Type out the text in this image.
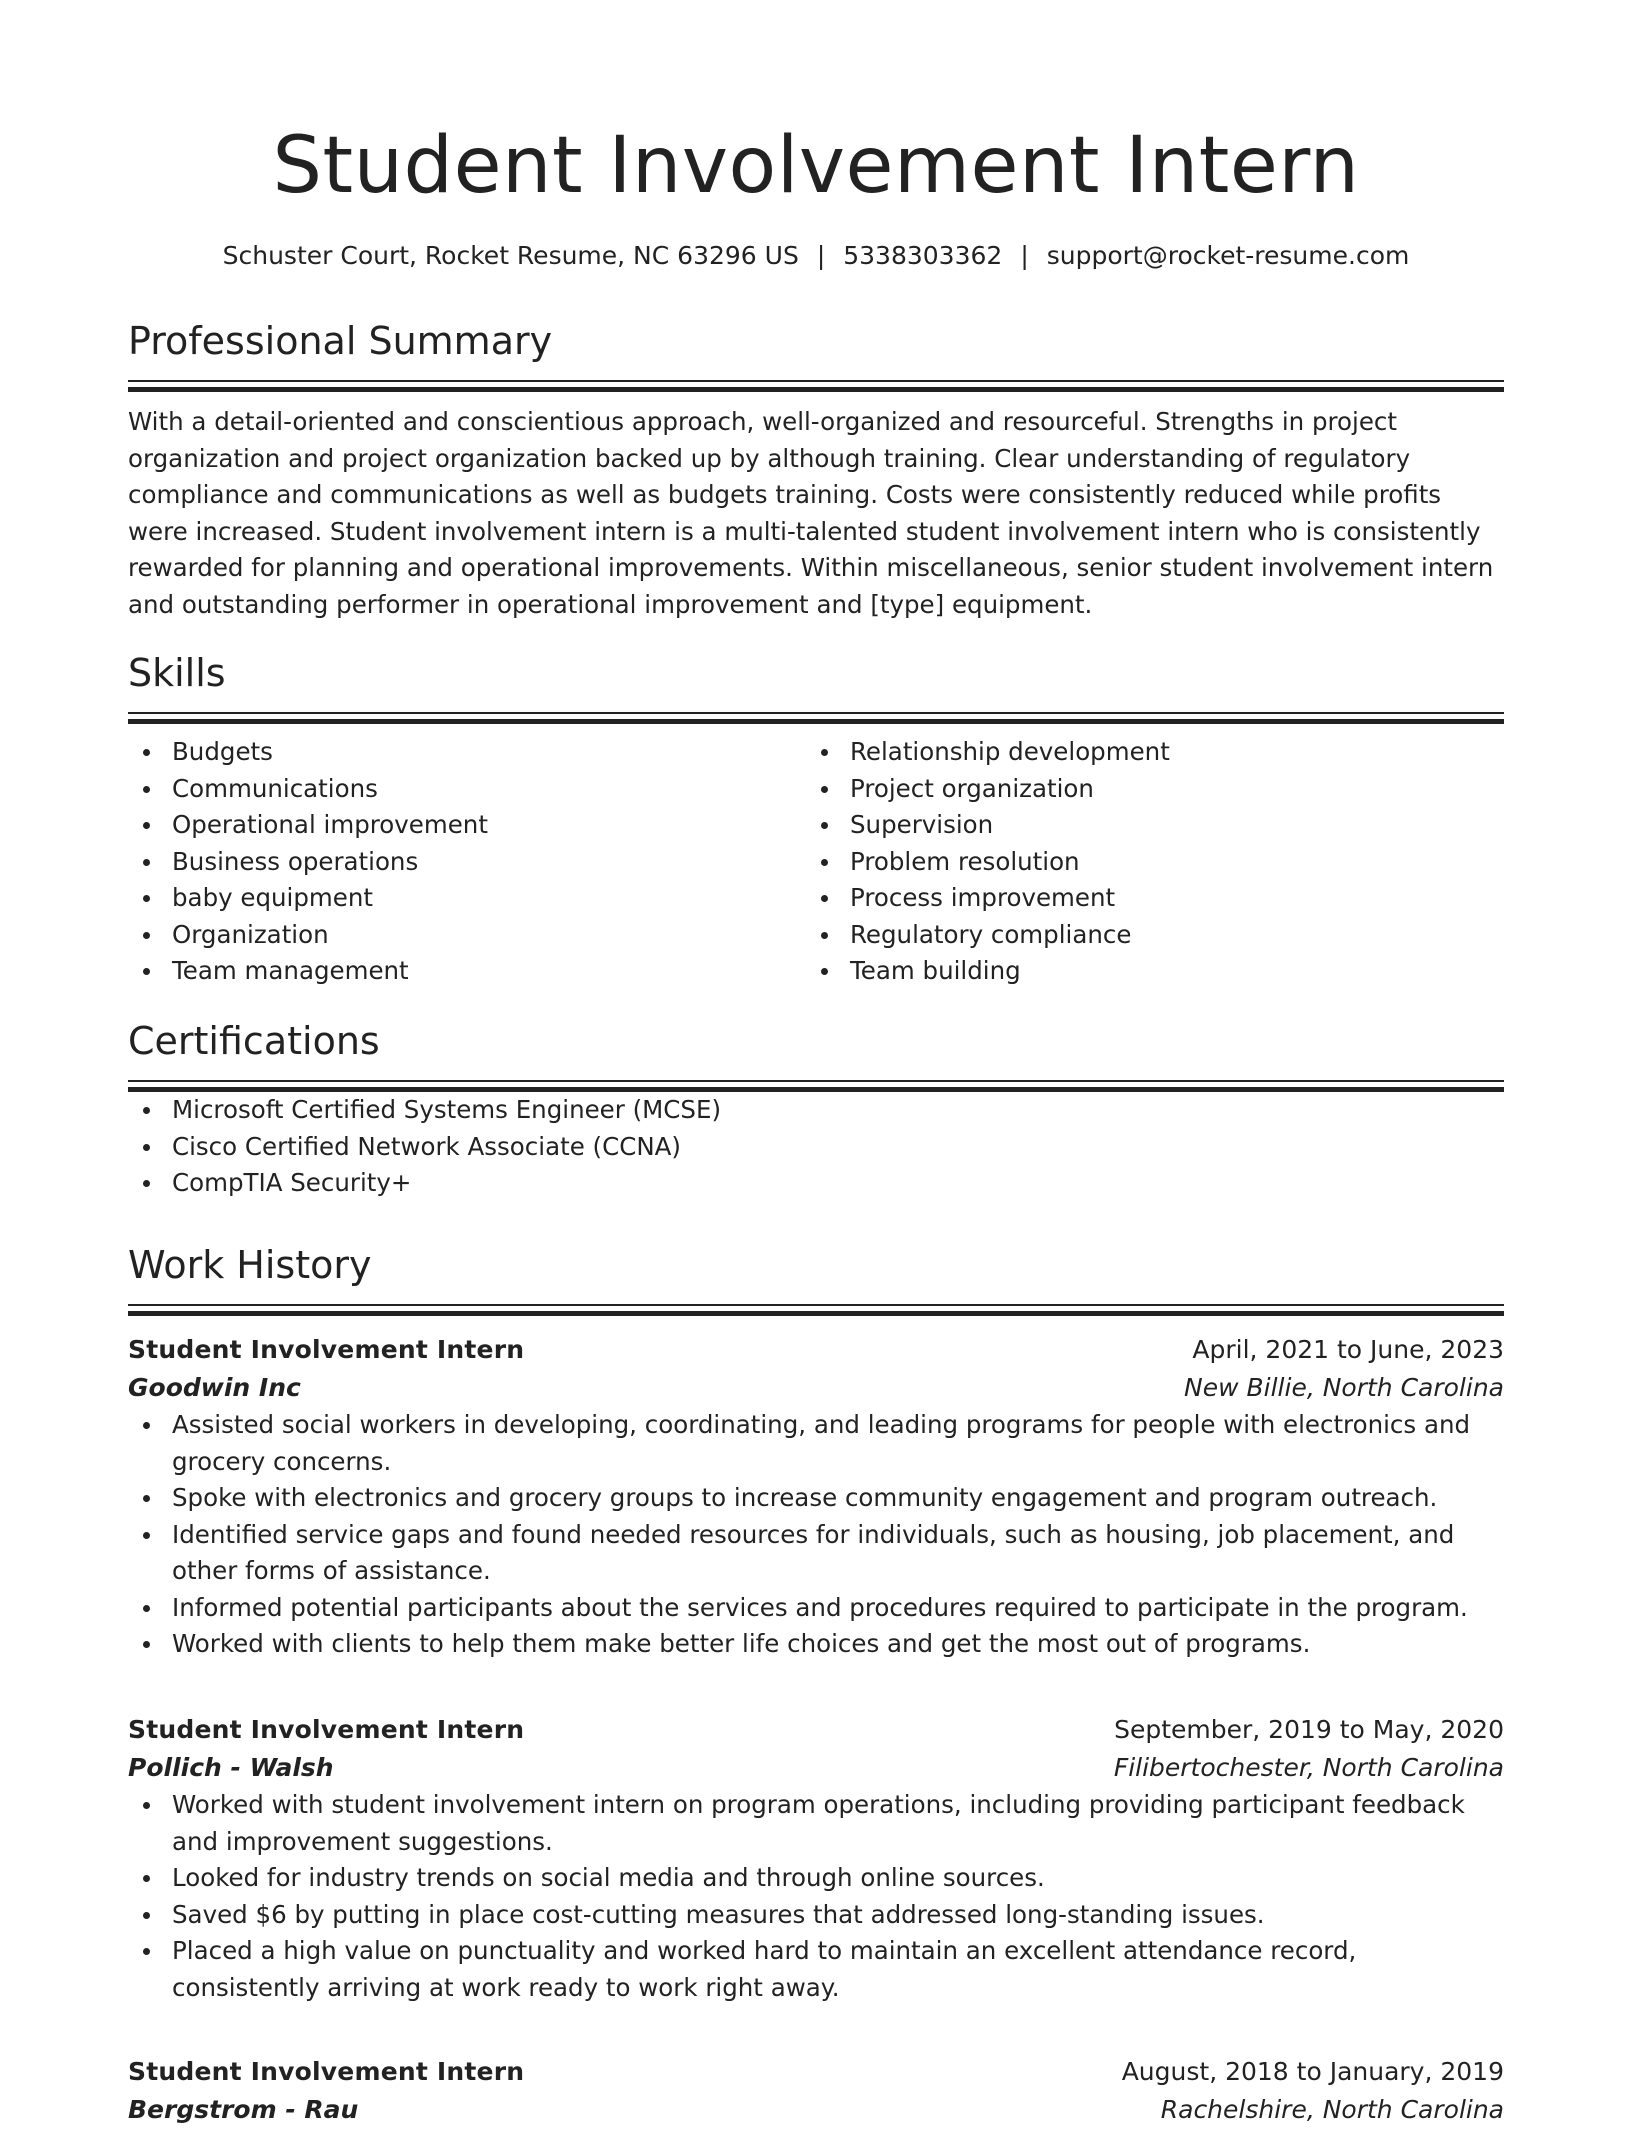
Student Involvement Intern
Schuster Court, Rocket Resume, NC 63296 US | 5338303362 | support@rocket-resume.com
Professional Summary
With a detail-oriented and conscientious approach, well-organized and resourceful. Strengths in project organization and project organization backed up by although training. Clear understanding of regulatory compliance and communications as well as budgets training. Costs were consistently reduced while profits were increased. Student involvement intern is a multi-talented student involvement intern who is consistently rewarded for planning and operational improvements. Within miscellaneous, senior student involvement intern and outstanding performer in operational improvement and [type] equipment.
Skills
Budgets
Communications
Operational improvement
Business operations
baby equipment
Organization
Team management
Relationship development
Project organization
Supervision
Problem resolution
Process improvement
Regulatory compliance
Team building
Certifications
Microsoft Certified Systems Engineer (MCSE)
Cisco Certified Network Associate (CCNA)
CompTIA Security+
Work History
Student Involvement Intern	April, 2021 to June, 2023
Goodwin Inc	New Billie, North Carolina
Assisted social workers in developing, coordinating, and leading programs for people with electronics and grocery concerns.
Spoke with electronics and grocery groups to increase community engagement and program outreach.
Identified service gaps and found needed resources for individuals, such as housing, job placement, and other forms of assistance.
Informed potential participants about the services and procedures required to participate in the program.
Worked with clients to help them make better life choices and get the most out of programs.
Student Involvement Intern	September, 2019 to May, 2020
Pollich - Walsh	Filibertochester, North Carolina
Worked with student involvement intern on program operations, including providing participant feedback and improvement suggestions.
Looked for industry trends on social media and through online sources.
Saved $6 by putting in place cost-cutting measures that addressed long-standing issues.
Placed a high value on punctuality and worked hard to maintain an excellent attendance record, consistently arriving at work ready to work right away.
Student Involvement Intern	August, 2018 to January, 2019
Bergstrom - Rau	Rachelshire, North Carolina
